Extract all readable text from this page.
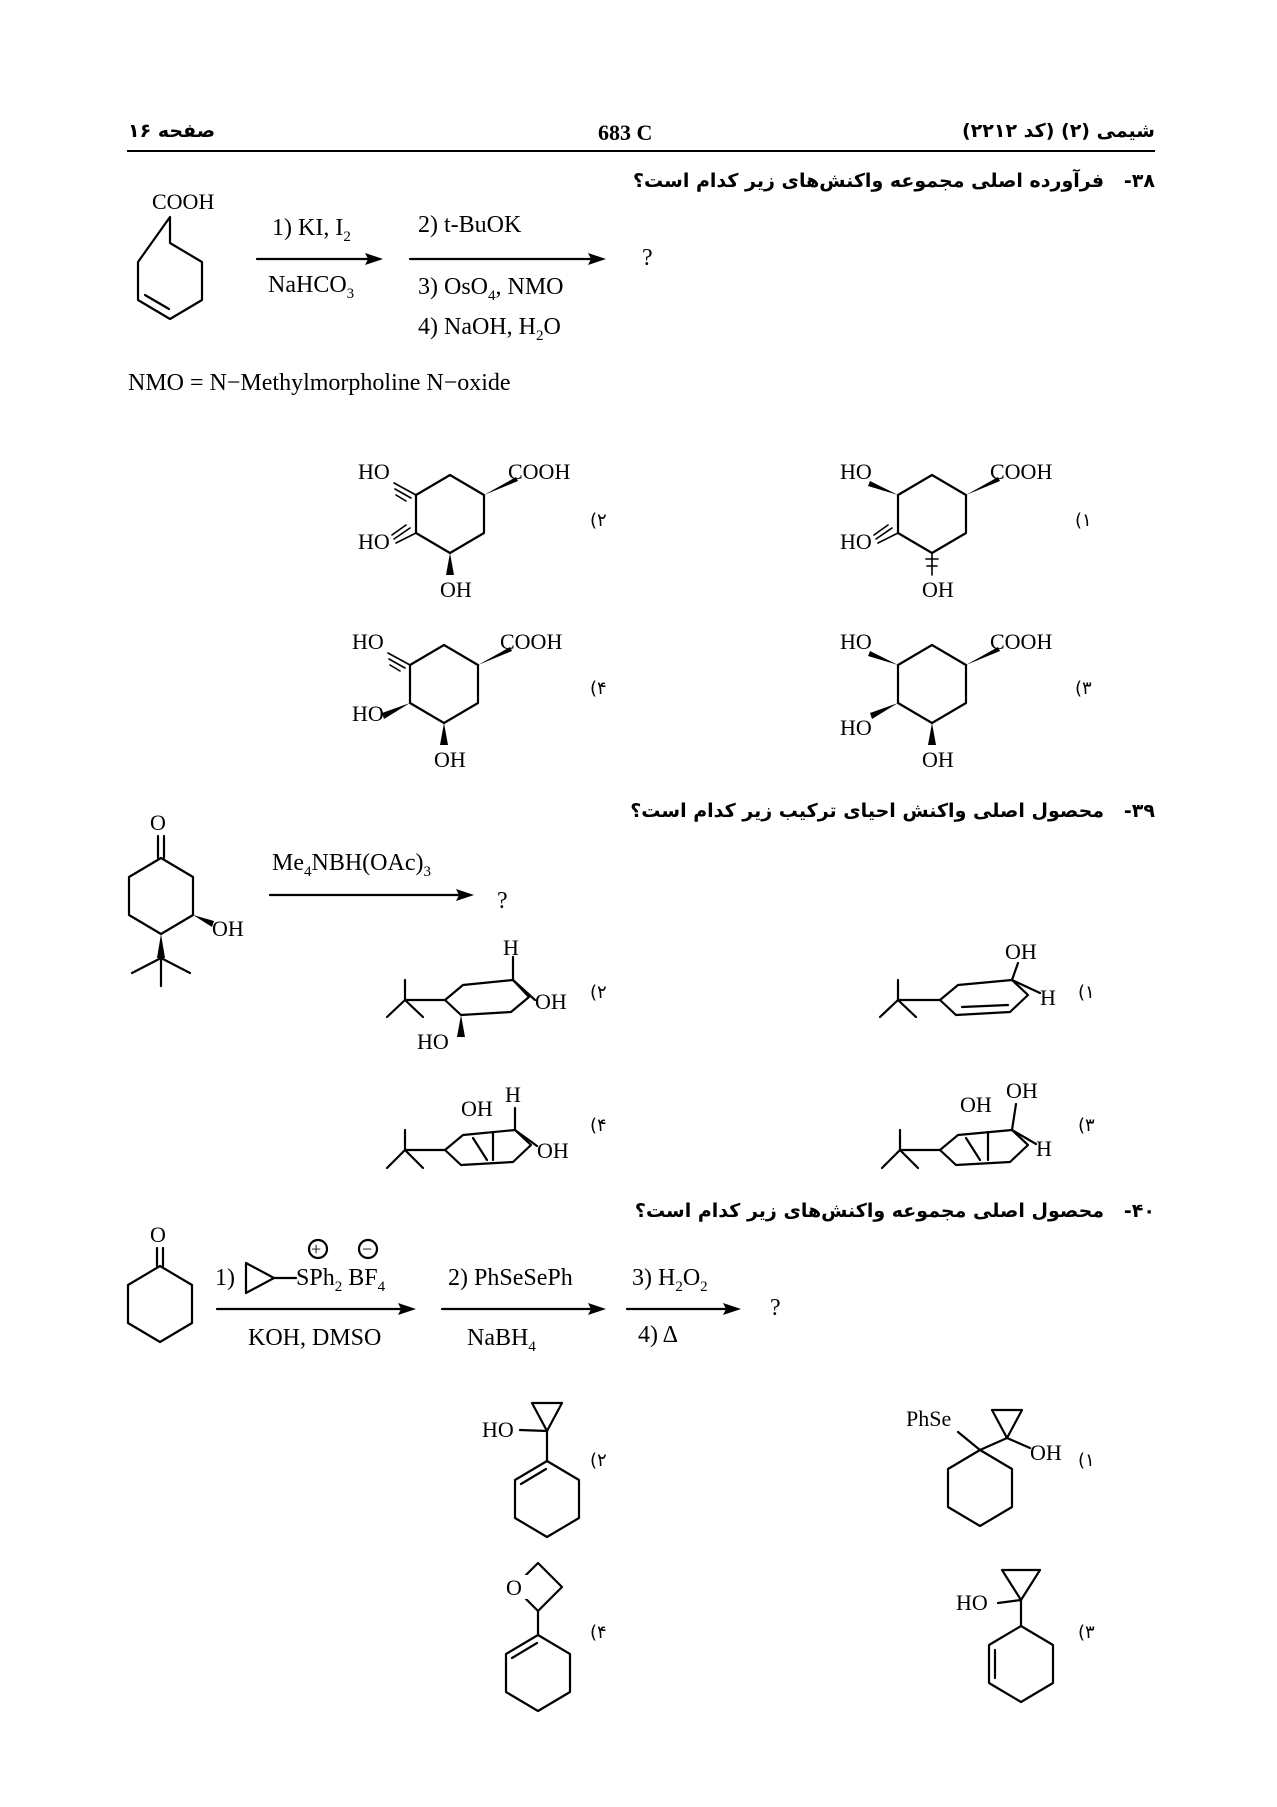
صفحه ۱۶	683 C	شیمی (۲) (کد ۲۲۱۲)
۳۸-   فرآورده اصلی مجموعه واکنش‌های زیر کدام است؟
COOH
1) KI, $I_2$
NaHCO$_3$
2) t-BuOK
3) OsO$_4$, NMO
4) NaOH, $H_2O$
?
NMO = N−Methylmorpholine N−oxide
COOH
HO
HO
OH
(۱
COOH
HO
HO
OH
(۲
COOH
HO
HO
OH
(۳
COOH
HO
HO
OH
(۴
۳۹-   محصول اصلی واکنش احیای ترکیب زیر کدام است؟
O
OH
$Me_4NBH(OAc)_3$
?
OH
H (۱
H
OH
HO
(۲
OH
OH
H
(۳
OH
H
OH
(۴
۴۰-   محصول اصلی مجموعه واکنش‌های زیر کدام است؟
O
1)
+ −
SPh$_2$ $BF_4$
KOH, DMSO
2) PhSeSePh
NaBH$_4$
3) $H_2O_2$
4) Δ
?
OH
PhSe
(۱
HO
(۲
HO
(۳
O
(۴
